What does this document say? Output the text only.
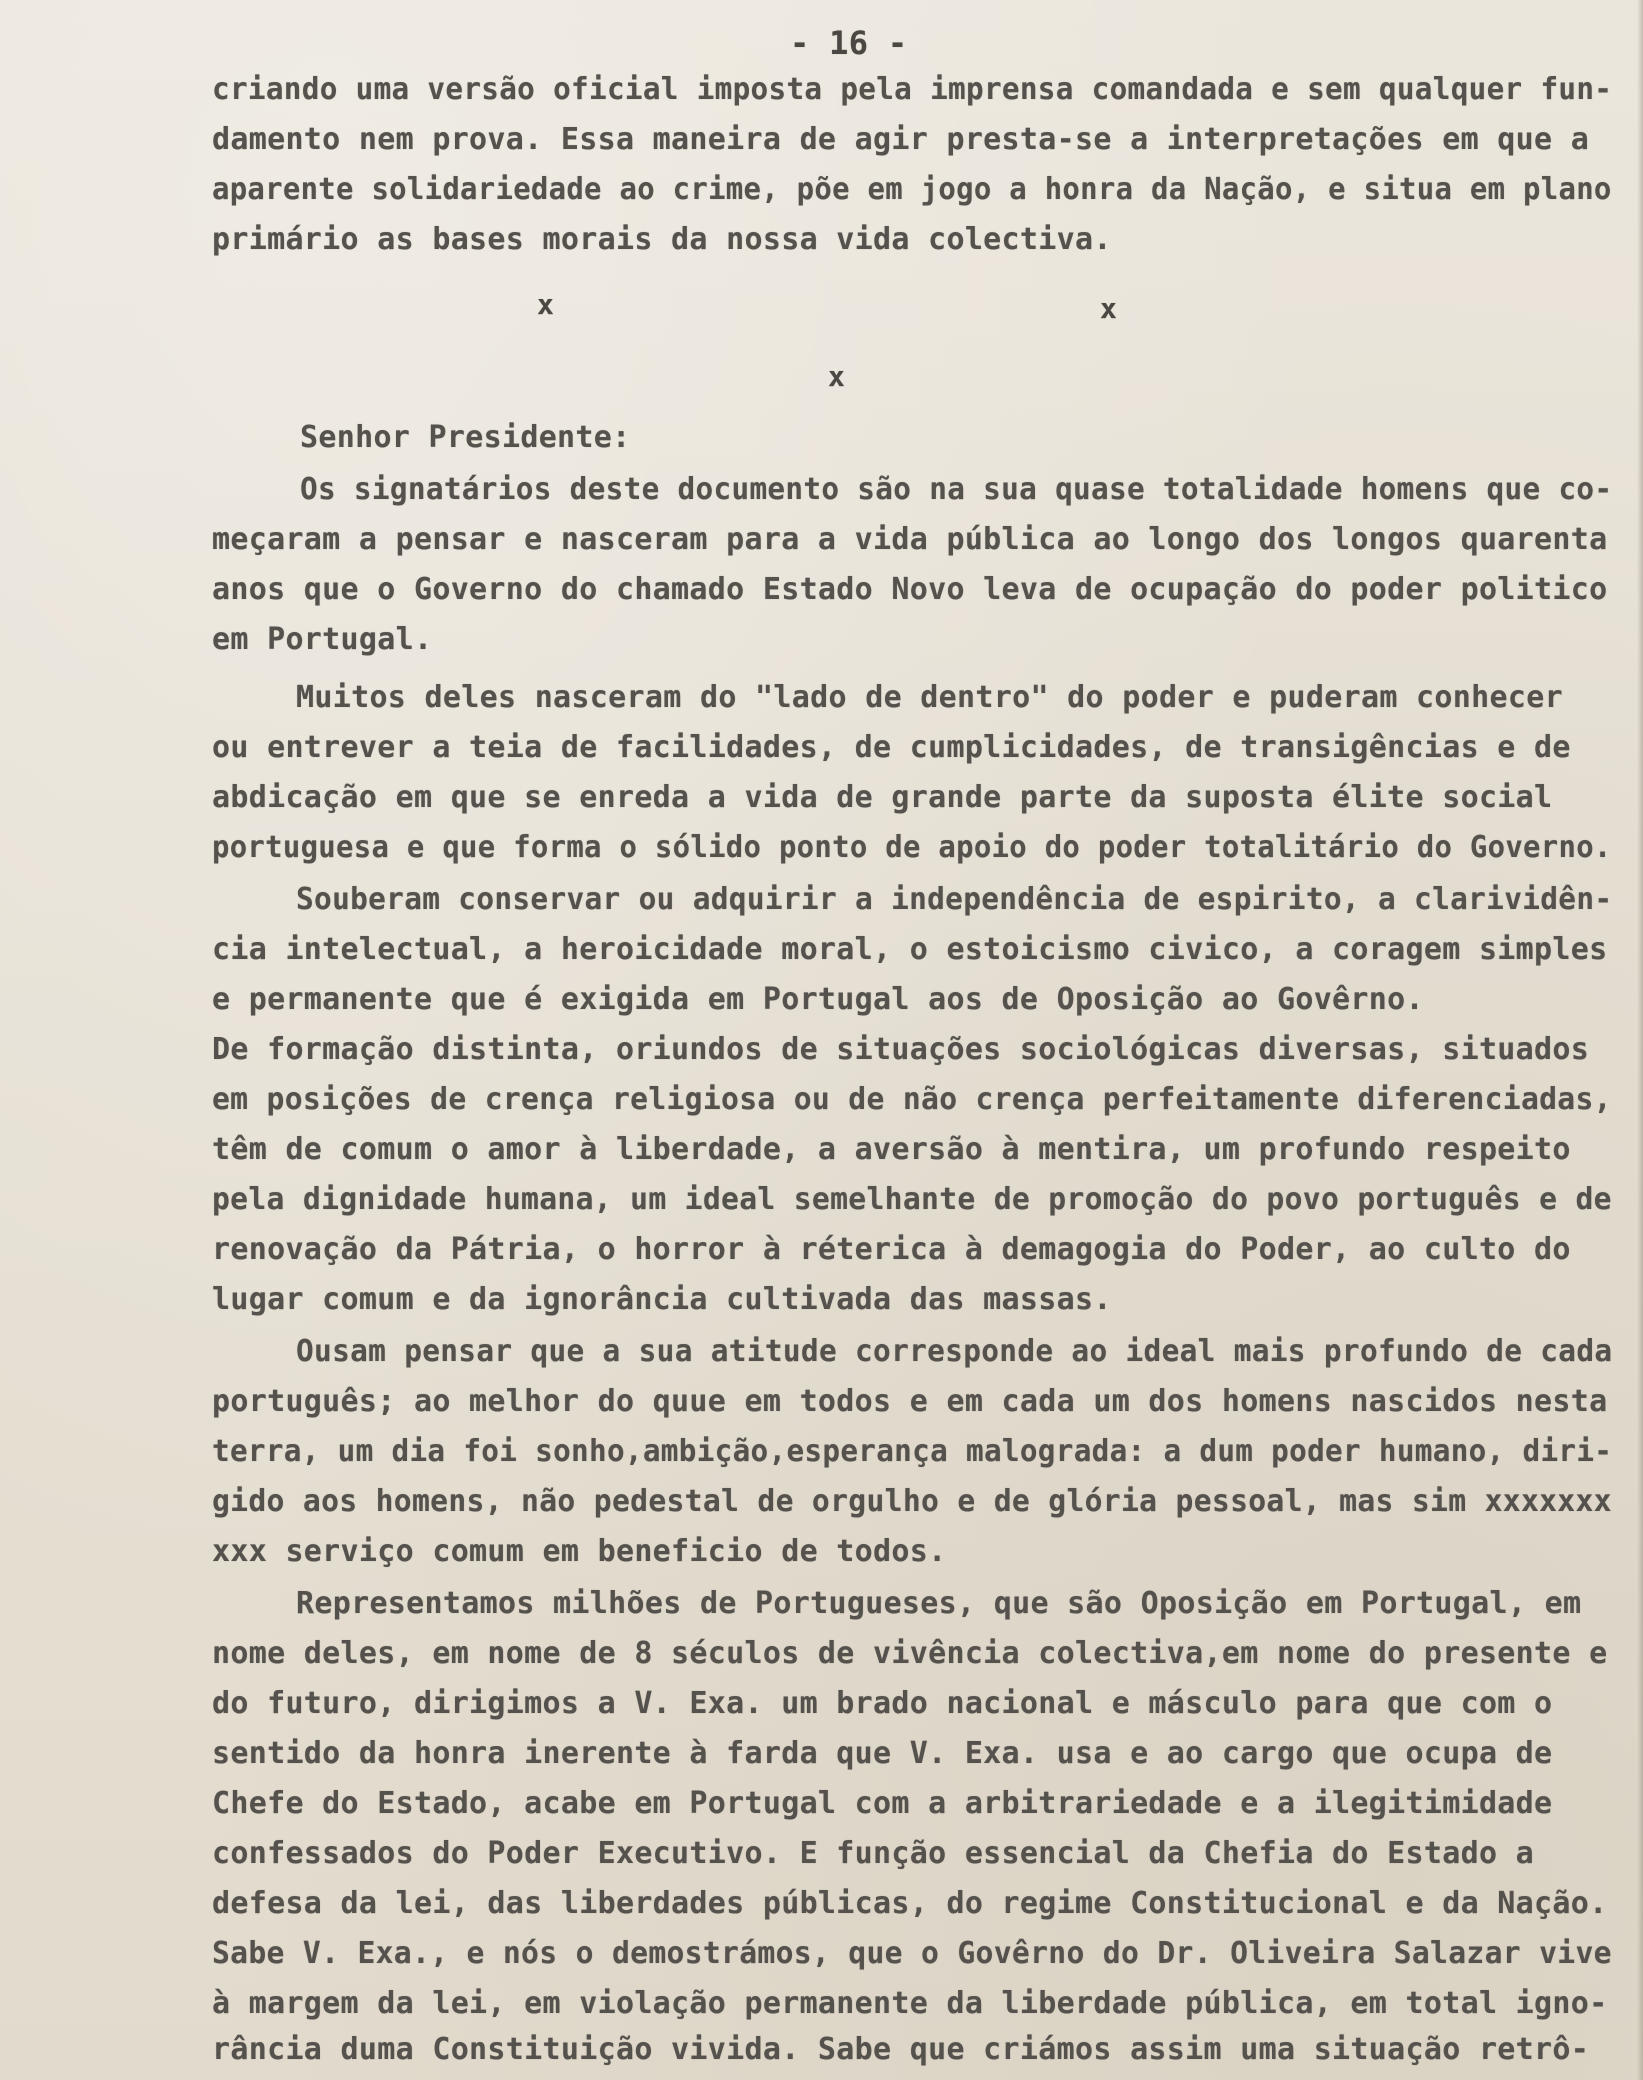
- 16 -
criando uma versão oficial imposta pela imprensa comandada e sem qualquer fun-
damento nem prova. Essa maneira de agir presta-se a interpretações em que a
aparente solidariedade ao crime, põe em jogo a honra da Nação, e situa em plano
primário as bases morais da nossa vida colectiva.
x	x
x
Senhor Presidente:
Os signatários deste documento são na sua quase totalidade homens que co-
meçaram a pensar e nasceram para a vida pública ao longo dos longos quarenta
anos que o Governo do chamado Estado Novo leva de ocupação do poder politico
em Portugal.
Muitos deles nasceram do "lado de dentro" do poder e puderam conhecer
ou entrever a teia de facilidades, de cumplicidades, de transigências e de
abdicação em que se enreda a vida de grande parte da suposta élite social
portuguesa e que forma o sólido ponto de apoio do poder totalitário do Governo.
Souberam conservar ou adquirir a independência de espirito, a clarividên-
cia intelectual, a heroicidade moral, o estoicismo civico, a coragem simples
e permanente que é exigida em Portugal aos de Oposição ao Govêrno.
De formação distinta, oriundos de situações sociológicas diversas, situados
em posições de crença religiosa ou de não crença perfeitamente diferenciadas,
têm de comum o amor à liberdade, a aversão à mentira, um profundo respeito
pela dignidade humana, um ideal semelhante de promoção do povo português e de
renovação da Pátria, o horror à réterica à demagogia do Poder, ao culto do
lugar comum e da ignorância cultivada das massas.
Ousam pensar que a sua atitude corresponde ao ideal mais profundo de cada
português; ao melhor do quue em todos e em cada um dos homens nascidos nesta
terra, um dia foi sonho,ambição,esperança malograda: a dum poder humano, diri-
gido aos homens, não pedestal de orgulho e de glória pessoal, mas sim xxxxxxx
xxx serviço comum em beneficio de todos.
Representamos milhões de Portugueses, que são Oposição em Portugal, em
nome deles, em nome de 8 séculos de vivência colectiva,em nome do presente e
do futuro, dirigimos a V. Exa. um brado nacional e másculo para que com o
sentido da honra inerente à farda que V. Exa. usa e ao cargo que ocupa de
Chefe do Estado, acabe em Portugal com a arbitrariedade e a ilegitimidade
confessados do Poder Executivo. E função essencial da Chefia do Estado a
defesa da lei, das liberdades públicas, do regime Constitucional e da Nação.
Sabe V. Exa., e nós o demostrámos, que o Govêrno do Dr. Oliveira Salazar vive
à margem da lei, em violação permanente da liberdade pública, em total igno-
rância duma Constituição vivida. Sabe que criámos assim uma situação retrô-
